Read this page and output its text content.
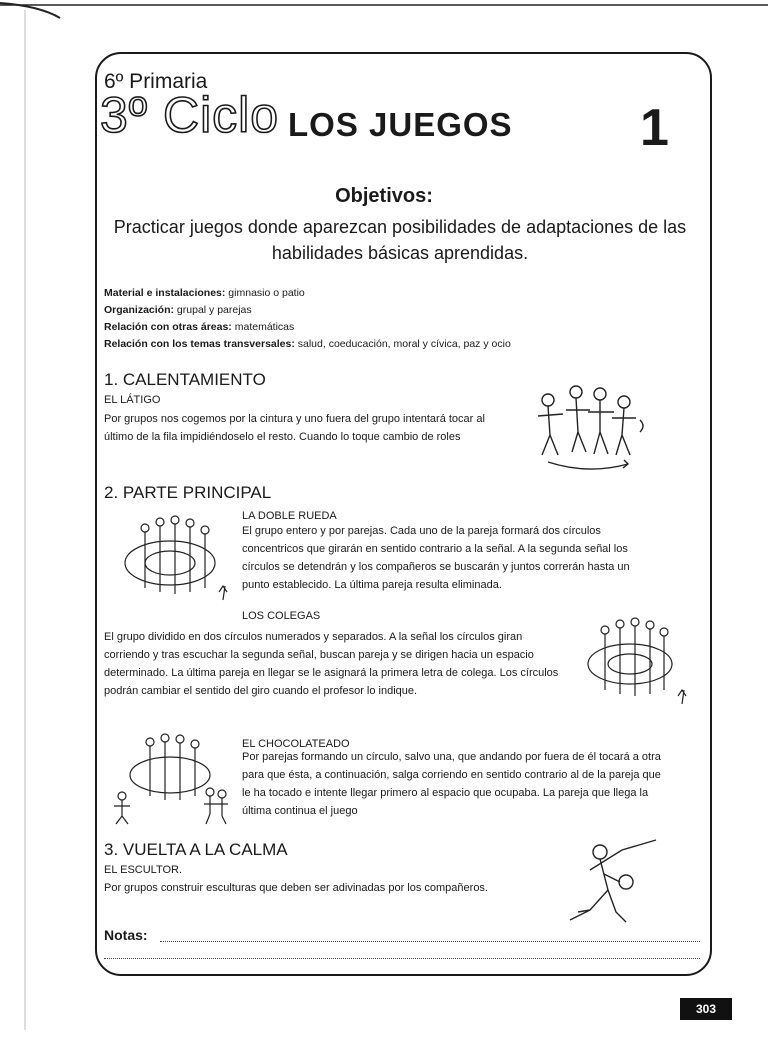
6º Primaria
3º Ciclo LOS JUEGOS 1
Objetivos:
Practicar juegos donde aparezcan posibilidades de adaptaciones de las habilidades básicas aprendidas.
Material e instalaciones: gimnasio o patio
Organización: grupal y parejas
Relación con otras áreas: matemáticas
Relación con los temas transversales: salud, coeducación, moral y cívica, paz y ocio
1. CALENTAMIENTO
EL LÁTIGO
Por grupos nos cogemos por la cintura y uno fuera del grupo intentará tocar al último de la fila impidiéndoselo el resto. Cuando lo toque cambio de roles
2. PARTE PRINCIPAL
LA DOBLE RUEDA
El grupo entero y por parejas. Cada uno de la pareja formará dos círculos concentricos que girarán en sentido contrario a la señal. A la segunda señal los círculos se detendrán y los compañeros se buscarán y juntos correrán hasta un punto establecido. La última pareja resulta eliminada.
LOS COLEGAS
El grupo dividido en dos círculos numerados y separados. A la señal los círculos giran corriendo y tras escuchar la segunda señal, buscan pareja y se dirigen hacia un espacio determinado. La última pareja en llegar se le asignará la primera letra de colega. Los círculos podrán cambiar el sentido del giro cuando el profesor lo indique.
EL CHOCOLATEADO
Por parejas formando un círculo, salvo una, que andando por fuera de él tocará a otra para que ésta, a continuación, salga corriendo en sentido contrario al de la pareja que le ha tocado e intente llegar primero al espacio que ocupaba. La pareja que llega la última continua el juego
3. VUELTA A LA CALMA
EL ESCULTOR.
Por grupos construir esculturas que deben ser adivinadas por los compañeros.
Notas:
303
